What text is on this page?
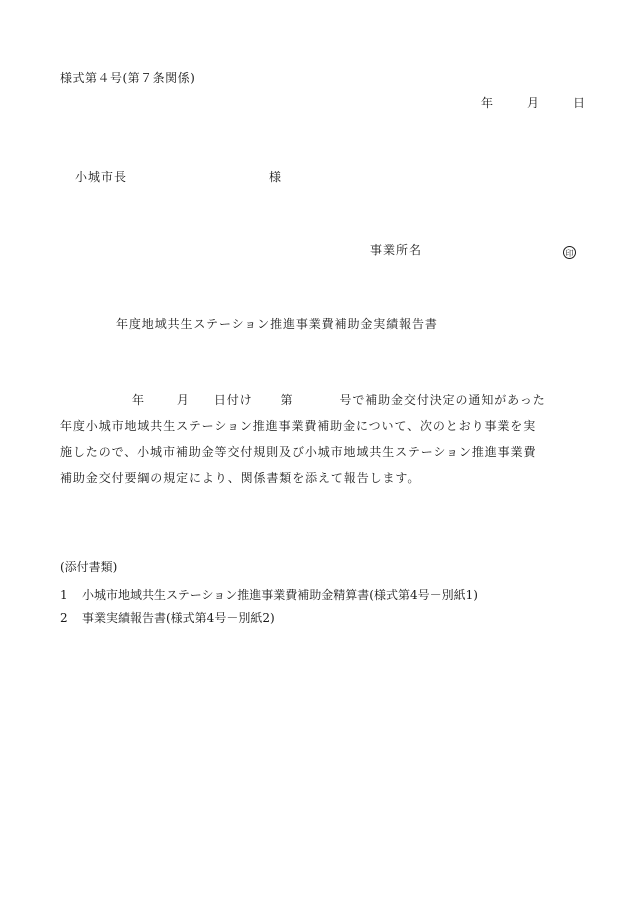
様式第４号(第７条関係)
年	月	日
小城市長	様
事業所名	印
年度地域共生ステーション推進事業費補助金実績報告書
年	月 日付け 第	号で補助金交付決定の通知があった
年度小城市地域共生ステーション推進事業費補助金について、次のとおり事業を実
施したので、小城市補助金等交付規則及び小城市地域共生ステーション推進事業費
補助金交付要綱の規定により、関係書類を添えて報告します。
(添付書類)
1 小城市地域共生ステーション推進事業費補助金精算書(様式第4号－別紙1)
2 事業実績報告書(様式第4号－別紙2)
